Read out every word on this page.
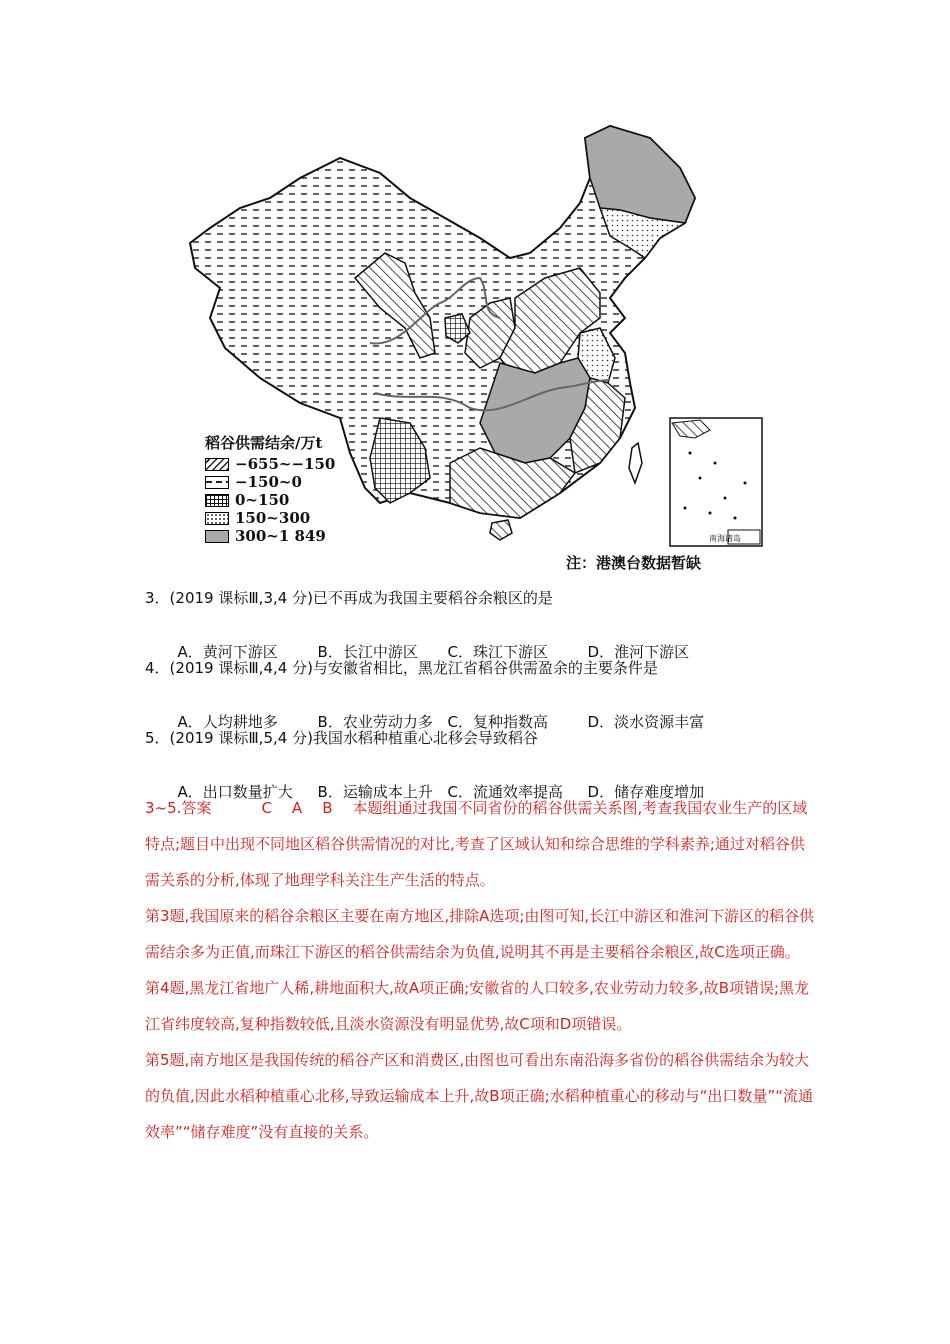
稻谷供需结余/万t
−655~−150
−150~0
0~150
150~300
300~1 849	南海诸岛
注：港澳台数据暂缺
3．(2019 课标Ⅲ,3,4 分)已不再成为我国主要稻谷余粮区的是

A．黄河下游区	B．长江中游区 C．珠江下游区	D．淮河下游区

4．(2019 课标Ⅲ,4,4 分)与安徽省相比，黑龙江省稻谷供需盈余的主要条件是

A．人均耕地多	B．农业劳动力多 C．复种指数高	D．淡水资源丰富

5．(2019 课标Ⅲ,5,4 分)我国水稻种植重心北移会导致稻谷

A．出口数量扩大 B．运输成本上升 C．流通效率提高 D．储存难度增加

3~5.答案	C A B 本题组通过我国不同省份的稻谷供需关系图,考查我国农业生产的区域特点;题目中出现不同地区稻谷供需情况的对比,考查了区域认知和综合思维的学科素养;通过对稻谷供需关系的分析,体现了地理学科关注生产生活的特点。

第3题,我国原来的稻谷余粮区主要在南方地区,排除A选项;由图可知,长江中游区和淮河下游区的稻谷供需结余多为正值,而珠江下游区的稻谷供需结余为负值,说明其不再是主要稻谷余粮区,故C选项正确。

第4题,黑龙江省地广人稀,耕地面积大,故A项正确;安徽省的人口较多,农业劳动力较多,故B项错误;黑龙江省纬度较高,复种指数较低,且淡水资源没有明显优势,故C项和D项错误。

第5题,南方地区是我国传统的稻谷产区和消费区,由图也可看出东南沿海多省份的稻谷供需结余为较大的负值,因此水稻种植重心北移,导致运输成本上升,故B项正确;水稻种植重心的移动与“出口数量”“流通效率”“储存难度”没有直接的关系。
